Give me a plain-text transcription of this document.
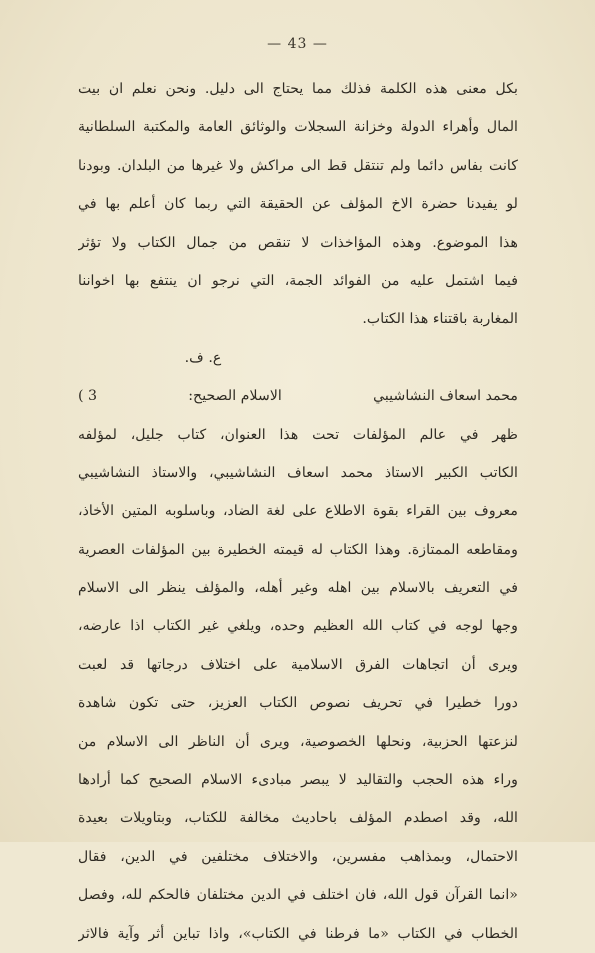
— 43 —
بكل معنى هذه الكلمة فذلك مما يحتاج الى دليل. ونحن نعلم ان بيت
المال وأهراء الدولة وخزانة السجلات والوثائق العامة والمكتبة السلطانية
كانت بفاس دائما ولم تنتقل قط الى مراكش ولا غيرها من البلدان. وبودنا
لو يفيدنا حضرة الاخ المؤلف عن الحقيقة التي ربما كان أعلم بها في
هذا الموضوع. وهذه المؤاخذات لا تنقص من جمال الكتاب ولا تؤثر
فيما اشتمل عليه من الفوائد الجمة، التي نرجو ان ينتفع بها اخواننا
المغاربة باقتناء هذا الكتاب.
ع. ف.
محمد اسعاف النشاشيبي
الاسلام الصحيح:
3 )
ظهر في عالم المؤلفات تحت هذا العنوان، كتاب جليل، لمؤلفه
الكاتب الكبير الاستاذ محمد اسعاف النشاشيبي، والاستاذ النشاشيبي
معروف بين القراء بقوة الاطلاع على لغة الضاد، وباسلوبه المتين الأخاذ،
ومقاطعه الممتازة. وهذا الكتاب له قيمته الخطيرة بين المؤلفات العصرية
في التعريف بالاسلام بين اهله وغير أهله، والمؤلف ينظر الى الاسلام
وجها لوجه في كتاب الله العظيم وحده، ويلغي غير الكتاب اذا عارضه،
ويرى أن اتجاهات الفرق الاسلامية على اختلاف درجاتها قد لعبت
دورا خطيرا في تحريف نصوص الكتاب العزيز، حتى تكون شاهدة
لنزعتها الحزبية، ونحلها الخصوصية، ويرى أن الناظر الى الاسلام من
وراء هذه الحجب والتقاليد لا يبصر مبادىء الاسلام الصحيح كما أرادها
الله، وقد اصطدم المؤلف باحاديث مخالفة للكتاب، وبتاويلات بعيدة
الاحتمال، وبمذاهب مفسرين، والاختلاف مختلفين في الدين، فقال
«انما القرآن قول الله، فان اختلف في الدين مختلفان فالحكم لله، وفصل
الخطاب في الكتاب «ما فرطنا في الكتاب»، واذا تباين أثر وآية فالاثر
